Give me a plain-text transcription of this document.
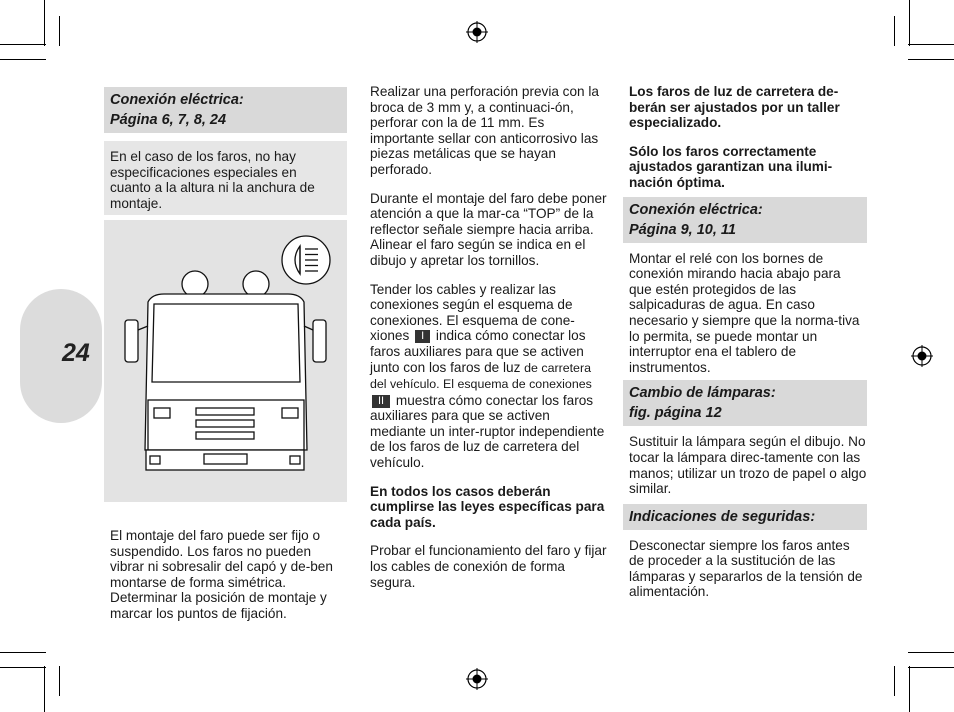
24
Conexión eléctrica:
Página 6, 7, 8, 24
En el caso de los faros, no hay especificaciones especiales en cuanto a la altura ni la anchura de montaje.

El montaje del faro puede ser fijo o suspendido. Los faros no pueden vibrar ni sobresalir del capó y de-ben montarse de forma simétrica. Determinar la posición de montaje y marcar los puntos de fijación.

Realizar una perforación previa con la broca de 3 mm y, a continuaci-ón, perforar con la de 11 mm. Es importante sellar con anticorrosivo las piezas metálicas que se hayan perforado.

Durante el montaje del faro debe poner atención a que la mar-ca “TOP” de la reflector señale siempre hacia arriba. Alinear el faro según se indica en el dibujo y apretar los tornillos.

Tender los cables y realizar las conexiones según el esquema de conexiones. El esquema de cone-xiones I indica cómo conectar los faros auxiliares para que se activen junto con los faros de luz de carretera del vehículo. El esquema de conexiones II muestra cómo conectar los faros auxiliares para que se activen mediante un inter-ruptor independiente de los faros de luz de carretera del vehículo.

En todos los casos deberán cumplirse las leyes específicas para cada país.

Probar el funcionamiento del faro y fijar los cables de conexión de forma segura.

Los faros de luz de carretera de-berán ser ajustados por un taller especializado.

Sólo los faros correctamente ajustados garantizan una ilumi-nación óptima.

Conexión eléctrica:
Página 9, 10, 11

Montar el relé con los bornes de conexión mirando hacia abajo para que estén protegidos de las salpicaduras de agua. En caso necesario y siempre que la norma-tiva lo permita, se puede montar un interruptor ena el tablero de instrumentos.

Cambio de lámparas:
fig. página 12

Sustituir la lámpara según el dibujo. No tocar la lámpara direc-tamente con las manos; utilizar un trozo de papel o algo similar.

Indicaciones de seguridas:

Desconectar siempre los faros antes de proceder a la sustitución de las lámparas y separarlos de la tensión de alimentación.
